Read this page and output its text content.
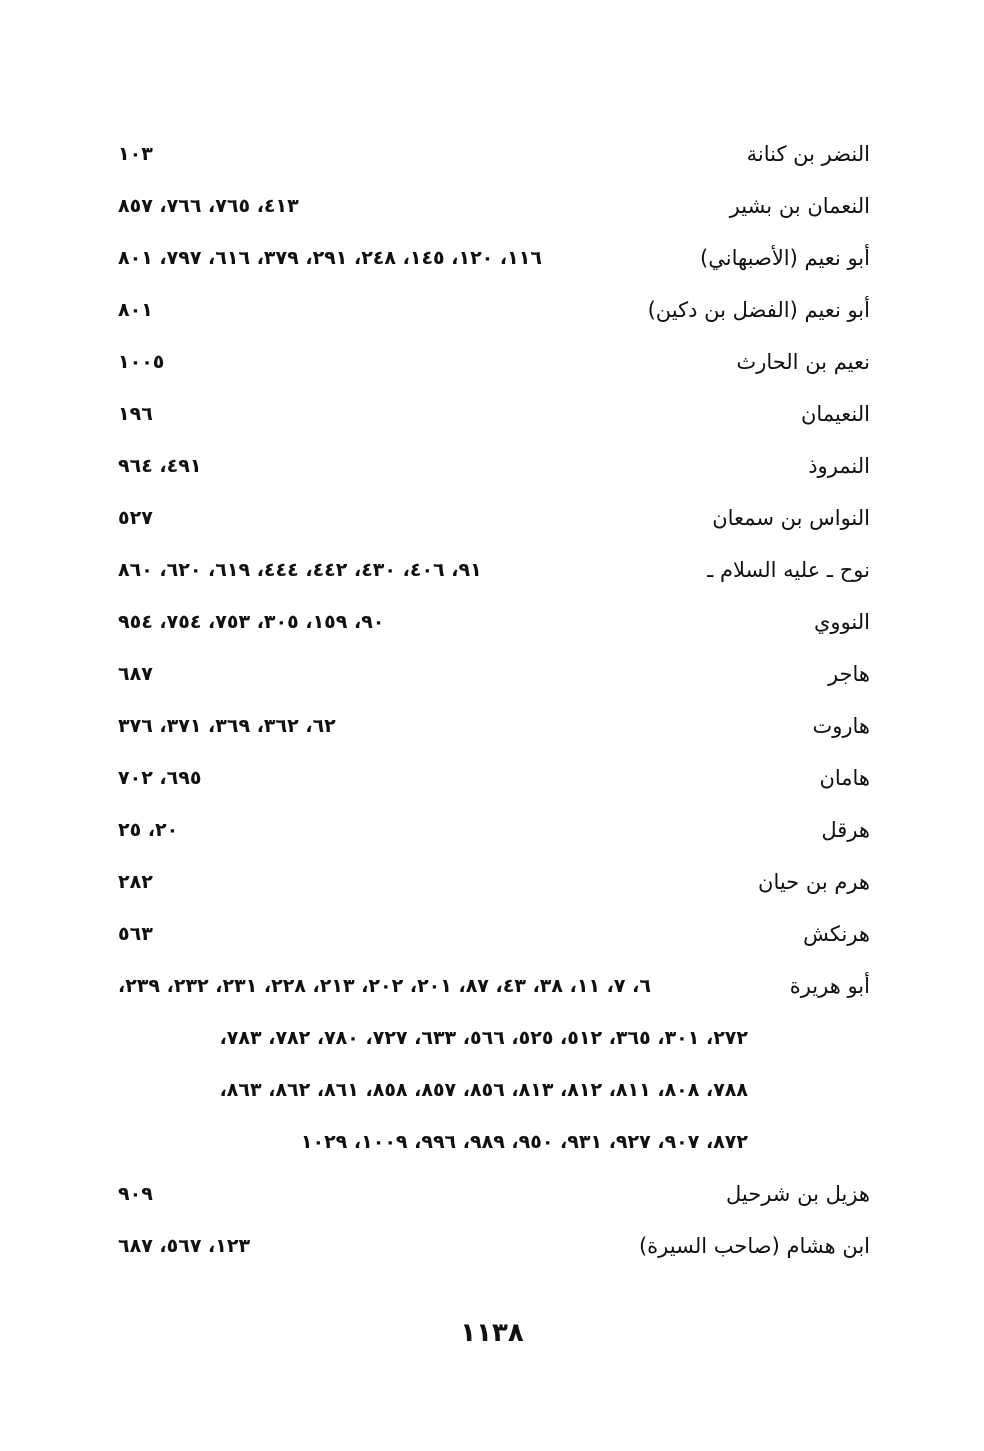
النضر بن كنانة
١٠٣
النعمان بن بشير
٤١٣، ٧٦٥، ٧٦٦، ٨٥٧
أبو نعيم (الأصبهاني)
١١٦، ١٢٠، ١٤٥، ٢٤٨، ٢٩١، ٣٧٩، ٦١٦، ٧٩٧، ٨٠١
أبو نعيم (الفضل بن دكين)
٨٠١
نعيم بن الحارث
١٠٠٥
النعيمان
١٩٦
النمروذ
٤٩١، ٩٦٤
النواس بن سمعان
٥٢٧
نوح ـ عليه السلام ـ
٩١، ٤٠٦، ٤٣٠، ٤٤٢، ٤٤٤، ٦١٩، ٦٢٠، ٨٦٠
النووي
٩٠، ١٥٩، ٣٠٥، ٧٥٣، ٧٥٤، ٩٥٤
هاجر
٦٨٧
هاروت
٦٢، ٣٦٢، ٣٦٩، ٣٧١، ٣٧٦
هامان
٦٩٥، ٧٠٢
هرقل
٢٠، ٢٥
هرم بن حيان
٢٨٢
هرنكش
٥٦٣
أبو هريرة
٦، ٧، ١١، ٣٨، ٤٣، ٨٧، ٢٠١، ٢٠٢، ٢١٣، ٢٢٨، ٢٣١، ٢٣٢، ٢٣٩،
٢٧٢، ٣٠١، ٣٦٥، ٥١٢، ٥٢٥، ٥٦٦، ٦٣٣، ٧٢٧، ٧٨٠، ٧٨٢، ٧٨٣،
٧٨٨، ٨٠٨، ٨١١، ٨١٢، ٨١٣، ٨٥٦، ٨٥٧، ٨٥٨، ٨٦١، ٨٦٢، ٨٦٣،
٨٧٢، ٩٠٧، ٩٢٧، ٩٣١، ٩٥٠، ٩٨٩، ٩٩٦، ١٠٠٩، ١٠٢٩
هزيل بن شرحيل
٩٠٩
ابن هشام (صاحب السيرة)
١٢٣، ٥٦٧، ٦٨٧
١١٣٨
